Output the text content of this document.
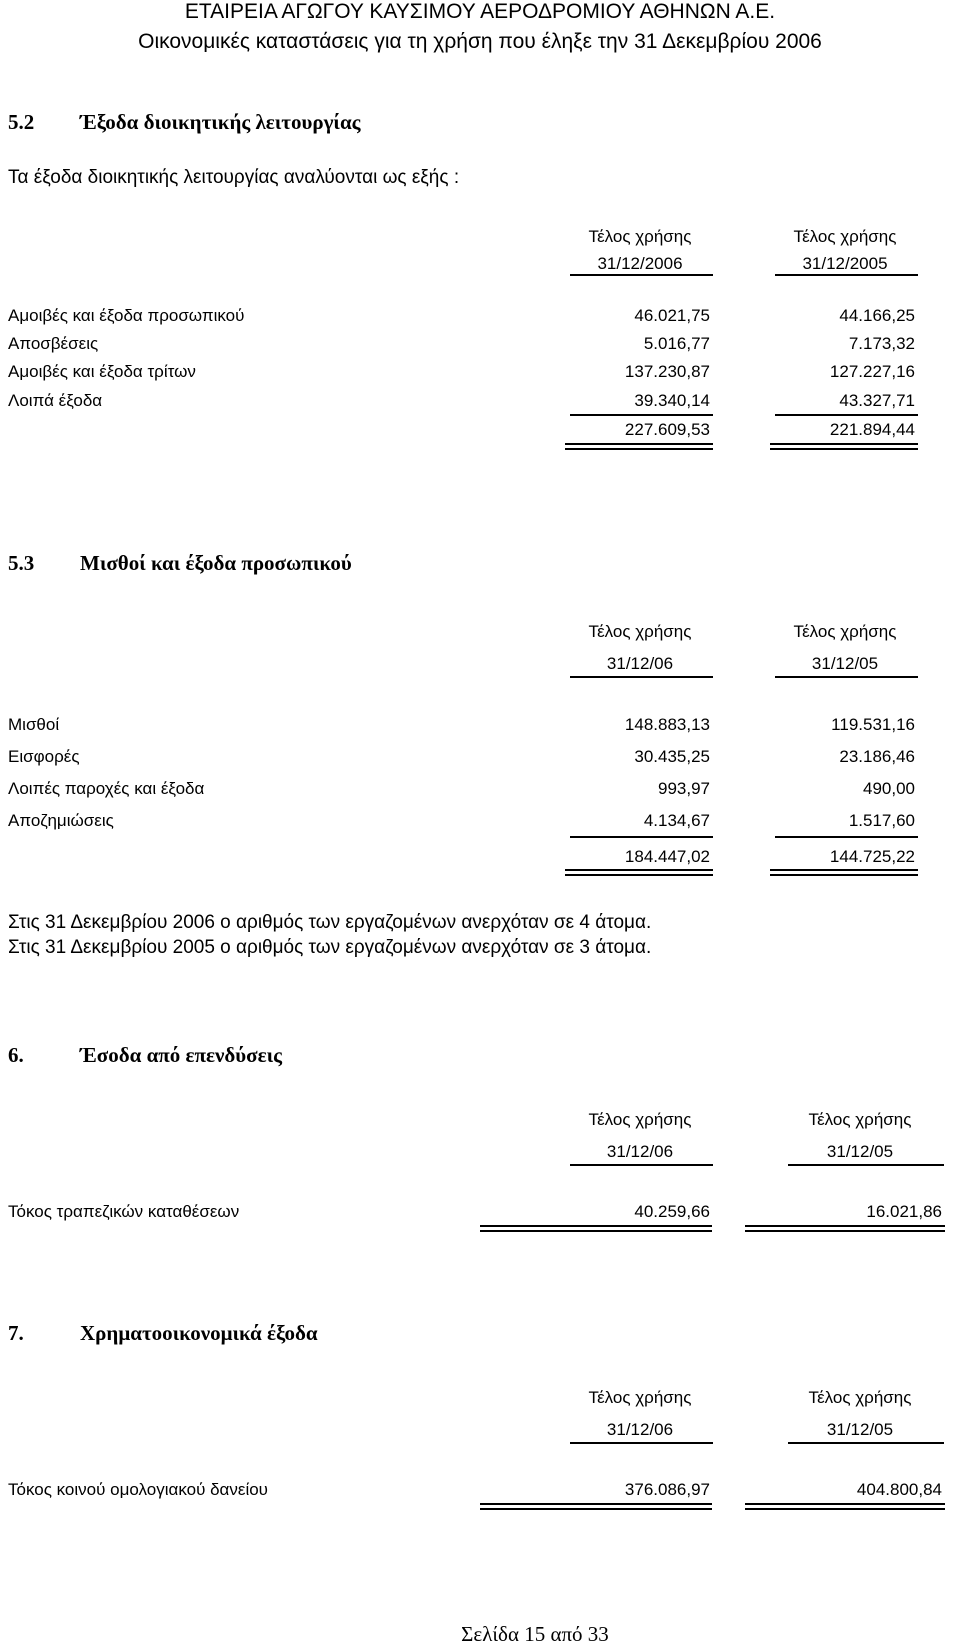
ΕΤΑΙΡΕΙΑ ΑΓΩΓΟΥ ΚΑΥΣΙΜΟΥ ΑΕΡΟΔΡΟΜΙΟΥ ΑΘΗΝΩΝ Α.Ε.
Οικονομικές καταστάσεις για τη χρήση που έληξε την 31 Δεκεμβρίου 2006
5.2 Έξοδα διοικητικής λειτουργίας
Τα έξοδα διοικητικής λειτουργίας αναλύονται ως εξής :
Τέλος χρήσης
31/12/2006
Τέλος χρήσης
31/12/2005
Αμοιβές και έξοδα προσωπικού	46.021,75	44.166,25
Αποσβέσεις	5.016,77	7.173,32
Αμοιβές και έξοδα τρίτων	137.230,87	127.227,16
Λοιπά έξοδα	39.340,14	43.327,71
227.609,53	221.894,44
5.3 Μισθοί και έξοδα προσωπικού
Τέλος χρήσης
31/12/06
Τέλος χρήσης
31/12/05
Μισθοί	148.883,13	119.531,16
Εισφορές	30.435,25	23.186,46
Λοιπές παροχές και έξοδα	993,97	490,00
Αποζημιώσεις	4.134,67	1.517,60
184.447,02	144.725,22
Στις 31 Δεκεμβρίου 2006 ο αριθμός των εργαζομένων ανερχόταν σε 4 άτομα.
Στις 31 Δεκεμβρίου 2005 ο αριθμός των εργαζομένων ανερχόταν σε 3 άτομα.
6.	Έσοδα από επενδύσεις
Τέλος χρήσης
31/12/06
Τέλος χρήσης
31/12/05
Τόκος τραπεζικών καταθέσεων	40.259,66	16.021,86
7.	Χρηματοοικονομικά έξοδα
Τέλος χρήσης
31/12/06
Τέλος χρήσης
31/12/05
Τόκος κοινού ομολογιακού δανείου	376.086,97	404.800,84
Σελίδα 15 από 33
